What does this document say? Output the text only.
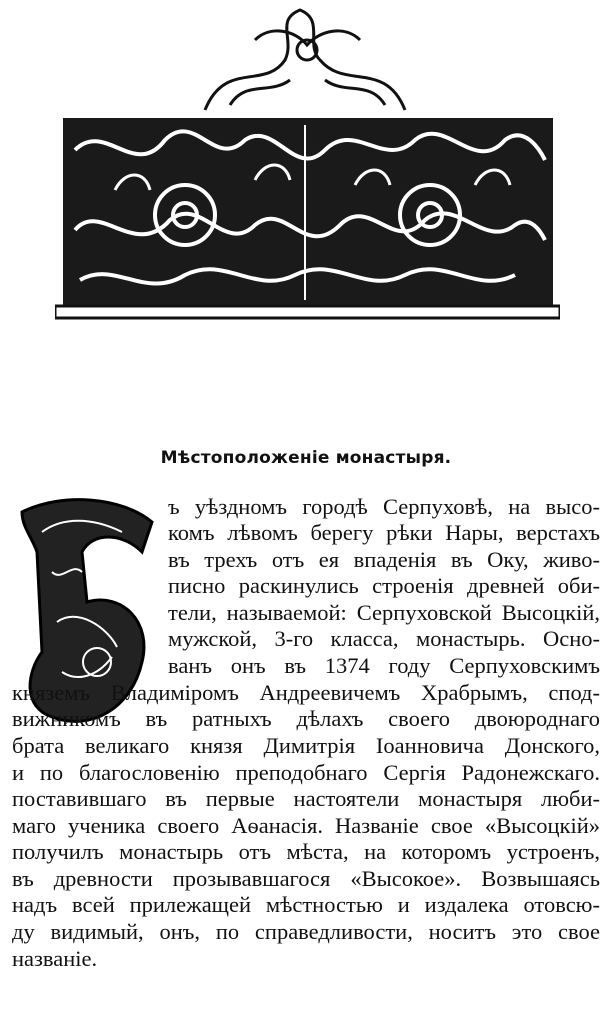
Мѣстоположеніе монастыря.
В
ъ уѣздномъ городѣ Серпуховѣ, на высо-
комъ лѣвомъ берегу рѣки Нары, верстахъ
въ трехъ отъ ея впаденія въ Оку, живо-
писно раскинулись строенія древней оби-
тели, называемой: Серпуховской Высоцкій,
мужской, 3-го класса, монастырь. Осно-
ванъ онъ въ 1374 году Серпуховскимъ
княземъ Владиміромъ Андреевичемъ Храбрымъ, спод-
вижникомъ въ ратныхъ дѣлахъ своего двоюроднаго
брата великаго князя Димитрія Іоанновича Донского,
и по благословенію преподобнаго Сергія Радонежскаго.
поставившаго въ первые настоятели монастыря люби-
маго ученика своего Аѳанасія. Названіе свое «Высоцкій»
получилъ монастырь отъ мѣста, на которомъ устроенъ,
въ древности прозывавшагося «Высокое». Возвышаясь
надъ всей прилежащей мѣстностью и издалека отовсю-
ду видимый, онъ, по справедливости, носитъ это свое
названіе.
